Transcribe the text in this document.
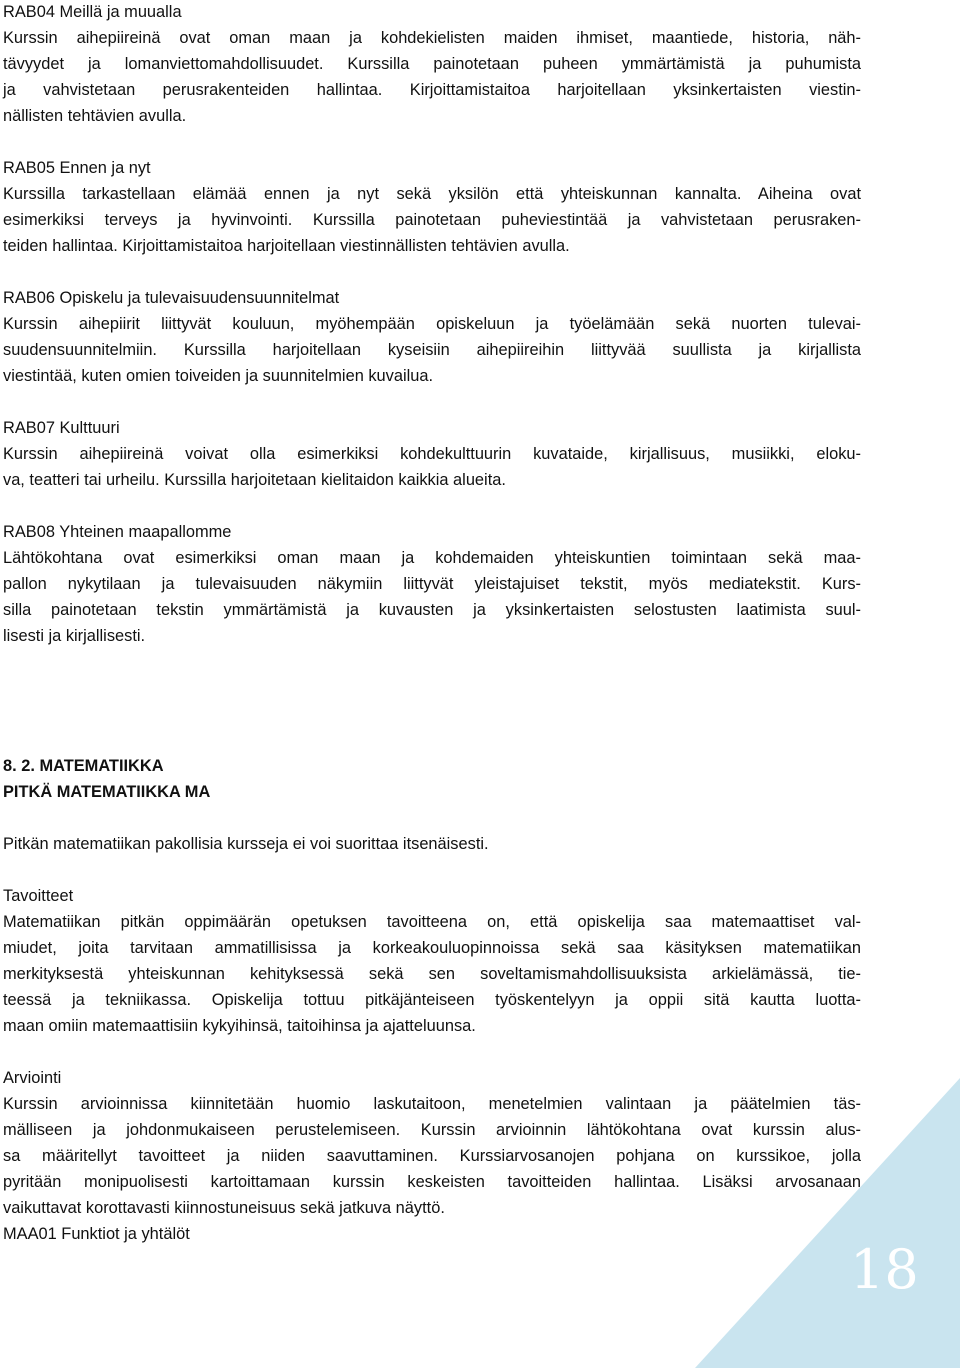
18
RAB04 Meillä ja muualla
Kurssin aihepiireinä ovat oman maan ja kohdekielisten maiden ihmiset, maantiede, historia, näh-
tävyydet ja lomanviettomahdollisuudet. Kurssilla painotetaan puheen ymmärtämistä ja puhumista
ja vahvistetaan perusrakenteiden hallintaa. Kirjoittamistaitoa harjoitellaan yksinkertaisten viestin-
nällisten tehtävien avulla.
RAB05 Ennen ja nyt
Kurssilla tarkastellaan elämää ennen ja nyt sekä yksilön että yhteiskunnan kannalta. Aiheina ovat
esimerkiksi terveys ja hyvinvointi. Kurssilla painotetaan puheviestintää ja vahvistetaan perusraken-
teiden hallintaa. Kirjoittamistaitoa harjoitellaan viestinnällisten tehtävien avulla.
RAB06 Opiskelu ja tulevaisuudensuunnitelmat
Kurssin aihepiirit liittyvät kouluun, myöhempään opiskeluun ja työelämään sekä nuorten tulevai-
suudensuunnitelmiin. Kurssilla harjoitellaan kyseisiin aihepiireihin liittyvää suullista ja kirjallista
viestintää, kuten omien toiveiden ja suunnitelmien kuvailua.
RAB07 Kulttuuri
Kurssin aihepiireinä voivat olla esimerkiksi kohdekulttuurin kuvataide, kirjallisuus, musiikki, eloku-
va, teatteri tai urheilu. Kurssilla harjoitetaan kielitaidon kaikkia alueita.
RAB08 Yhteinen maapallomme
Lähtökohtana ovat esimerkiksi oman maan ja kohdemaiden yhteiskuntien toimintaan sekä maa-
pallon nykytilaan ja tulevaisuuden näkymiin liittyvät yleistajuiset tekstit, myös mediatekstit. Kurs-
silla painotetaan tekstin ymmärtämistä ja kuvausten ja yksinkertaisten selostusten laatimista suul-
lisesti ja kirjallisesti.
8. 2. MATEMATIIKKA
PITKÄ MATEMATIIKKA MA
Pitkän matematiikan pakollisia kursseja ei voi suorittaa itsenäisesti.
Tavoitteet
Matematiikan pitkän oppimäärän opetuksen tavoitteena on, että opiskelija saa matemaattiset val-
miudet, joita tarvitaan ammatillisissa ja korkeakouluopinnoissa sekä saa käsityksen matematiikan
merkityksestä yhteiskunnan kehityksessä sekä sen soveltamismahdollisuuksista arkielämässä, tie-
teessä ja tekniikassa. Opiskelija tottuu pitkäjänteiseen työskentelyyn ja oppii sitä kautta luotta-
maan omiin matemaattisiin kykyihinsä, taitoihinsa ja ajatteluunsa.
Arviointi
Kurssin arvioinnissa kiinnitetään huomio laskutaitoon, menetelmien valintaan ja päätelmien täs-
mälliseen ja johdonmukaiseen perustelemiseen. Kurssin arvioinnin lähtökohtana ovat kurssin alus-
sa määritellyt tavoitteet ja niiden saavuttaminen. Kurssiarvosanojen pohjana on kurssikoe, jolla
pyritään monipuolisesti kartoittamaan kurssin keskeisten tavoitteiden hallintaa. Lisäksi arvosanaan
vaikuttavat korottavasti kiinnostuneisuus sekä jatkuva näyttö.
MAA01 Funktiot ja yhtälöt
